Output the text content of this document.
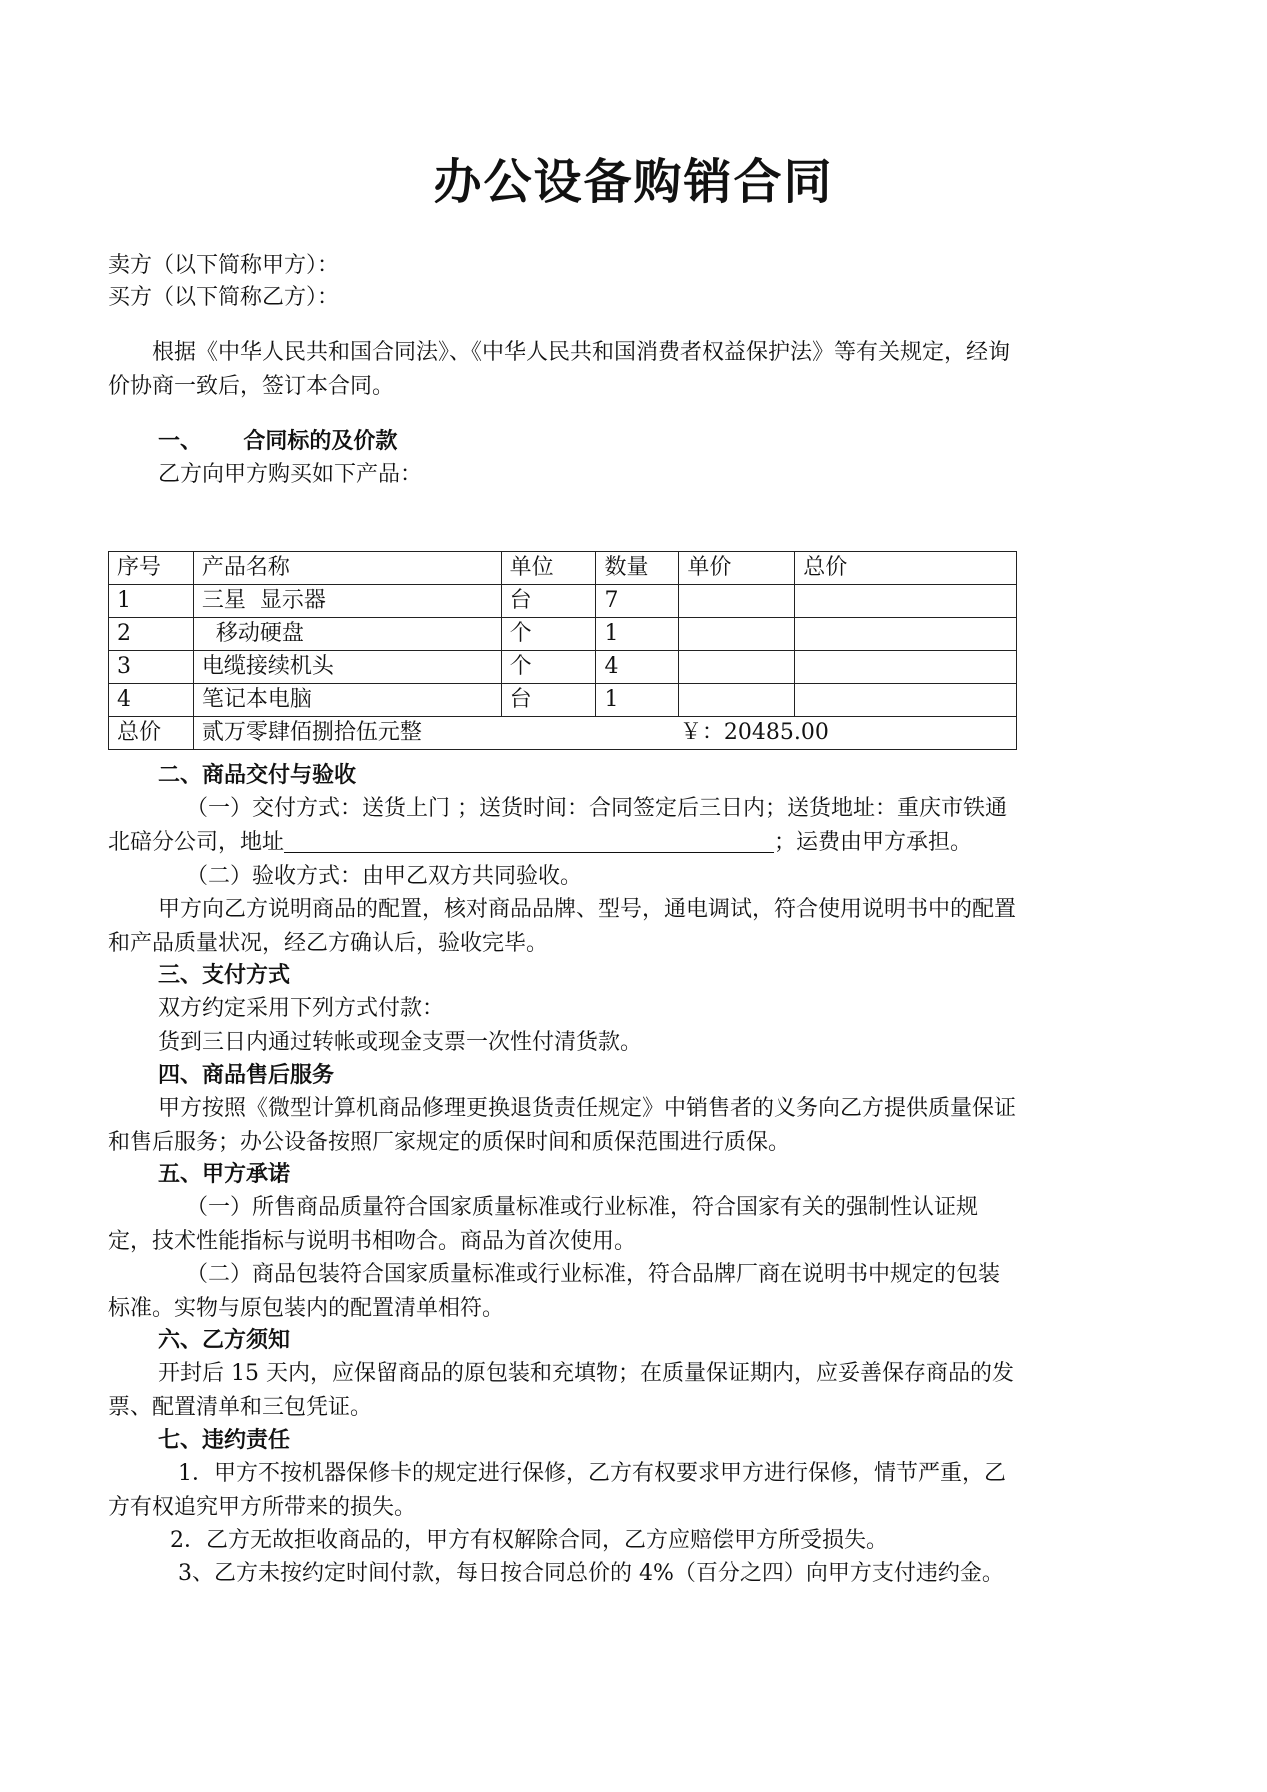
办公设备购销合同
卖方（以下简称甲方）：
买方（以下简称乙方）：
根据《中华人民共和国合同法》、《中华人民共和国消费者权益保护法》等有关规定，经询价协商一致后，签订本合同。
一、 合同标的及价款
乙方向甲方购买如下产品：
序号	产品名称	单位	数量	单价	总价
1	三星  显示器	台	7		
2	移动硬盘	个	1		
3	电缆接续机头	个	4		
4	笔记本电脑	台	1		
总价	贰万零肆佰捌拾伍元整 ￥：20485.00				
二、商品交付与验收
（一）交付方式：送货上门 ；送货时间：合同签定后三日内；送货地址：重庆市铁通
北碚分公司，地址	；运费由甲方承担。
（二）验收方式：由甲乙双方共同验收。
甲方向乙方说明商品的配置，核对商品品牌、型号，通电调试，符合使用说明书中的配置和产品质量状况，经乙方确认后，验收完毕。
三、支付方式
双方约定采用下列方式付款：
货到三日内通过转帐或现金支票一次性付清货款。
四、商品售后服务
甲方按照《微型计算机商品修理更换退货责任规定》中销售者的义务向乙方提供质量保证和售后服务；办公设备按照厂家规定的质保时间和质保范围进行质保。
五、甲方承诺
（一）所售商品质量符合国家质量标准或行业标准，符合国家有关的强制性认证规定，技术性能指标与说明书相吻合。商品为首次使用。
（二）商品包装符合国家质量标准或行业标准，符合品牌厂商在说明书中规定的包装标准。实物与原包装内的配置清单相符。
六、乙方须知
开封后 15 天内，应保留商品的原包装和充填物；在质量保证期内，应妥善保存商品的发票、配置清单和三包凭证。
七、违约责任
1．甲方不按机器保修卡的规定进行保修，乙方有权要求甲方进行保修，情节严重，乙方有权追究甲方所带来的损失。
2．乙方无故拒收商品的，甲方有权解除合同，乙方应赔偿甲方所受损失。
3、乙方未按约定时间付款，每日按合同总价的 4%（百分之四）向甲方支付违约金。
